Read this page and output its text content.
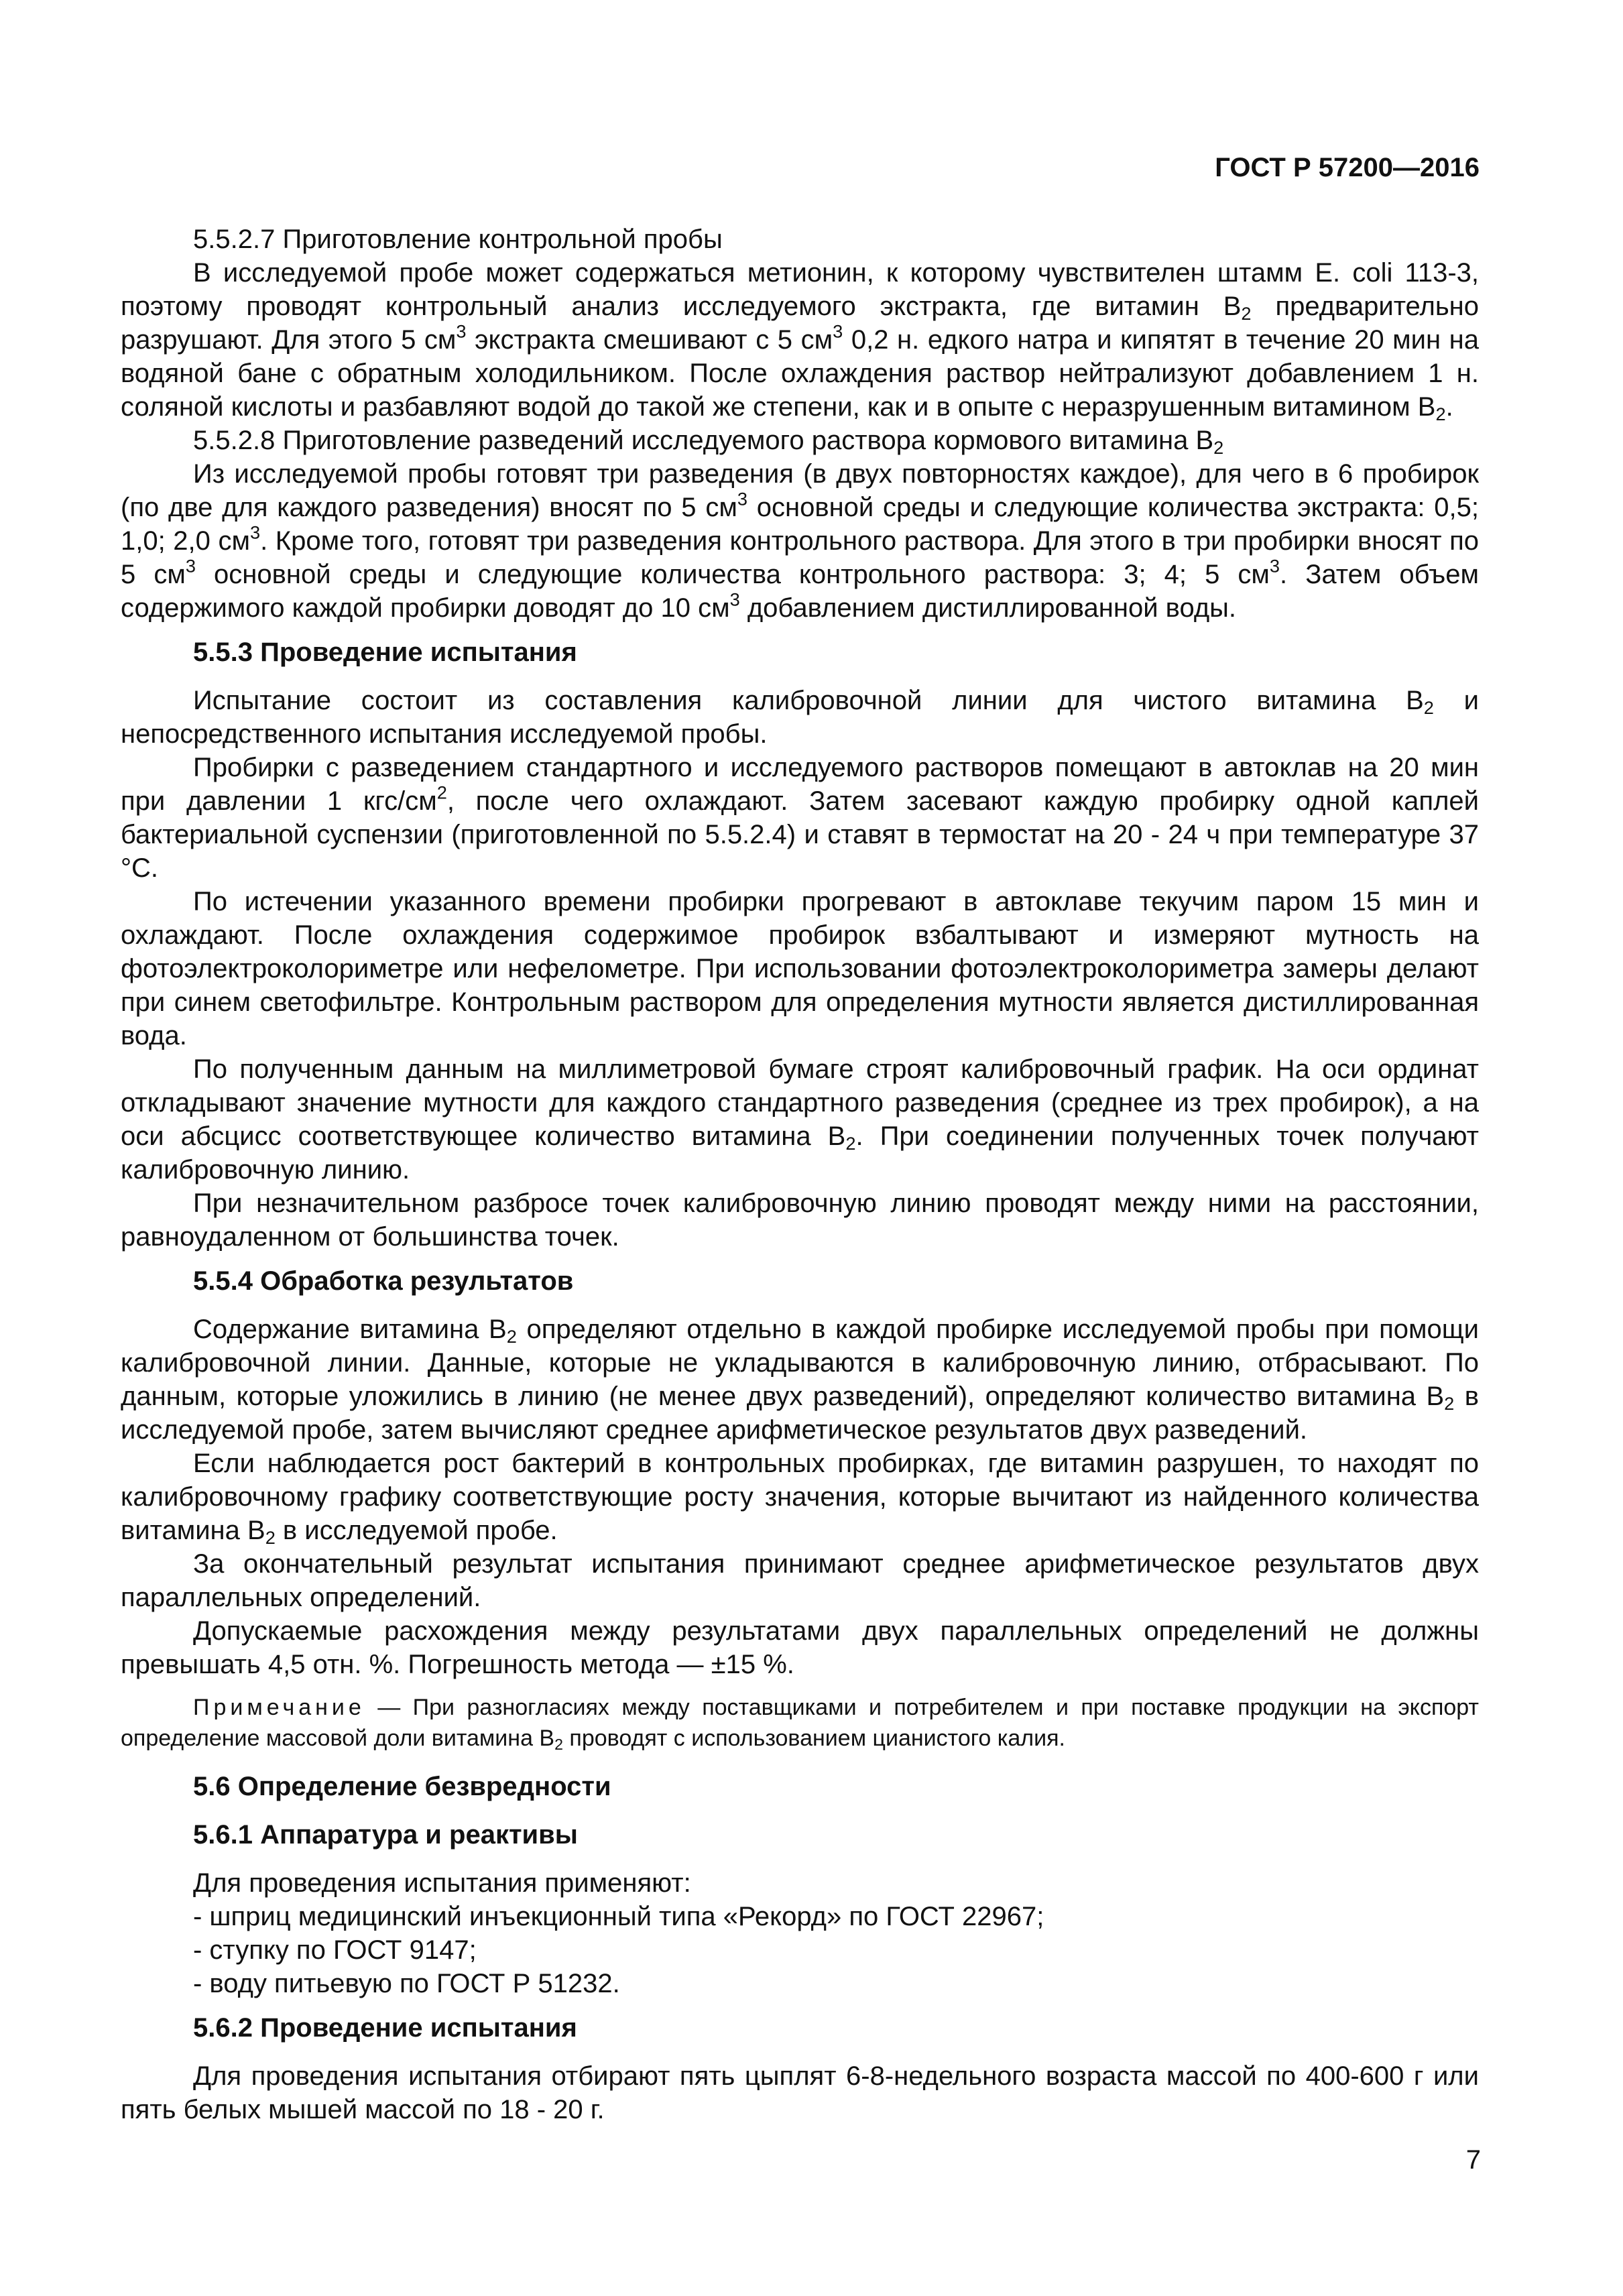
ГОСТ Р 57200—2016

5.5.2.7 Приготовление контрольной пробы

В исследуемой пробе может содержаться метионин, к которому чувствителен штамм E. coli 113-3, поэтому проводят контрольный анализ исследуемого экстракта, где витамин $B_2$ предварительно разрушают. Для этого 5 $см^3$ экстракта смешивают с 5 $см^3$ 0,2 н. едкого натра и кипятят в течение 20 мин на водяной бане с обратным холодильником. После охлаждения раствор нейтрализуют добавлением 1 н. соляной кислоты и разбавляют водой до такой же степени, как и в опыте с неразрушенным витамином $B_2$.

5.5.2.8 Приготовление разведений исследуемого раствора кормового витамина $B_2$

Из исследуемой пробы готовят три разведения (в двух повторностях каждое), для чего в 6 пробирок (по две для каждого разведения) вносят по 5 $см^3$ основной среды и следующие количества экстракта: 0,5; 1,0; 2,0 $см^3$. Кроме того, готовят три разведения контрольного раствора. Для этого в три пробирки вносят по 5 $см^3$ основной среды и следующие количества контрольного раствора: 3; 4; 5 $см^3$. Затем объем содержимого каждой пробирки доводят до 10 $см^3$ добавлением дистиллированной воды.

5.5.3 Проведение испытания

Испытание состоит из составления калибровочной линии для чистого витамина $B_2$ и непосредственного испытания исследуемой пробы.

Пробирки с разведением стандартного и исследуемого растворов помещают в автоклав на 20 мин при давлении 1 кгс/$см^2$, после чего охлаждают. Затем засевают каждую пробирку одной каплей бактериальной суспензии (приготовленной по 5.5.2.4) и ставят в термостат на 20 - 24 ч при температуре 37 °С.

По истечении указанного времени пробирки прогревают в автоклаве текучим паром 15 мин и охлаждают. После охлаждения содержимое пробирок взбалтывают и измеряют мутность на фотоэлектроколориметре или нефелометре. При использовании фотоэлектроколориметра замеры делают при синем светофильтре. Контрольным раствором для определения мутности является дистиллированная вода.

По полученным данным на миллиметровой бумаге строят калибровочный график. На оси ординат откладывают значение мутности для каждого стандартного разведения (среднее из трех пробирок), а на оси абсцисс соответствующее количество витамина $B_2$. При соединении полученных точек получают калибровочную линию.

При незначительном разбросе точек калибровочную линию проводят между ними на расстоянии, равноудаленном от большинства точек.

5.5.4 Обработка результатов

Содержание витамина $B_2$ определяют отдельно в каждой пробирке исследуемой пробы при помощи калибровочной линии. Данные, которые не укладываются в калибровочную линию, отбрасывают. По данным, которые уложились в линию (не менее двух разведений), определяют количество витамина $B_2$ в исследуемой пробе, затем вычисляют среднее арифметическое результатов двух разведений.

Если наблюдается рост бактерий в контрольных пробирках, где витамин разрушен, то находят по калибровочному графику соответствующие росту значения, которые вычитают из найденного количества витамина $B_2$ в исследуемой пробе.

За окончательный результат испытания принимают среднее арифметическое результатов двух параллельных определений.

Допускаемые расхождения между результатами двух параллельных определений не должны превышать 4,5 отн. %. Погрешность метода — ±15 %.

Примечание — При разногласиях между поставщиками и потребителем и при поставке продукции на экспорт определение массовой доли витамина $B_2$ проводят с использованием цианистого калия.

5.6 Определение безвредности
5.6.1 Аппаратура и реактивы

Для проведения испытания применяют:

- шприц медицинский инъекционный типа «Рекорд» по ГОСТ 22967;

- ступку по ГОСТ 9147;

- воду питьевую по ГОСТ Р 51232.

5.6.2 Проведение испытания

Для проведения испытания отбирают пять цыплят 6-8-недельного возраста массой по 400-600 г или пять белых мышей массой по 18 - 20 г.

7
